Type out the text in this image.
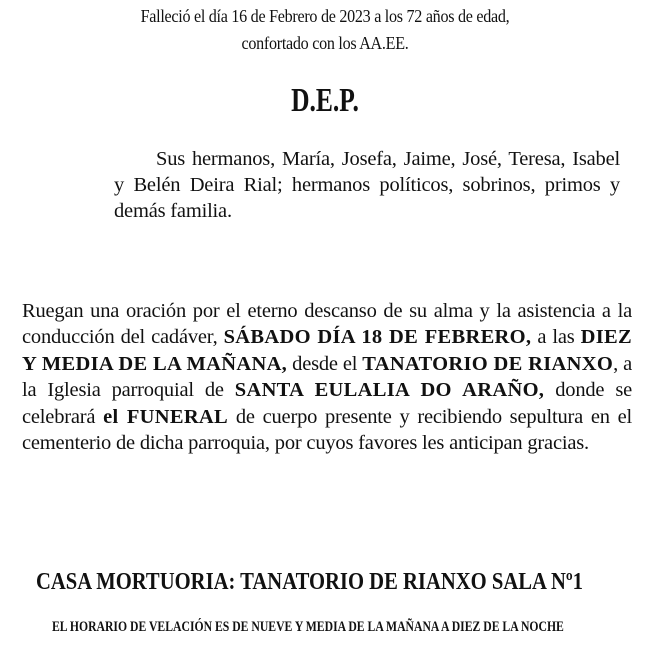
Falleció el día 16 de Febrero de 2023 a los 72 años de edad,
confortado con los AA.EE.
D.E.P.
Sus hermanos, María, Josefa, Jaime, José, Teresa, Isabel y Belén Deira Rial; hermanos políticos, sobrinos, primos y demás familia.
Ruegan una oración por el eterno descanso de su alma y la asistencia a la conducción del cadáver, SÁBADO DÍA 18 DE FEBRERO, a las DIEZ Y MEDIA DE LA MAÑANA, desde el TANATORIO DE RIANXO, a la Iglesia parroquial de SANTA EULALIA DO ARAÑO, donde se celebrará el FUNERAL de cuerpo presente y recibiendo sepultura en el cementerio de dicha parroquia, por cuyos favores les anticipan gracias.
CASA MORTUORIA: TANATORIO DE RIANXO SALA Nº1
EL HORARIO DE VELACIÓN ES DE NUEVE Y MEDIA DE LA MAÑANA A DIEZ DE LA NOCHE
